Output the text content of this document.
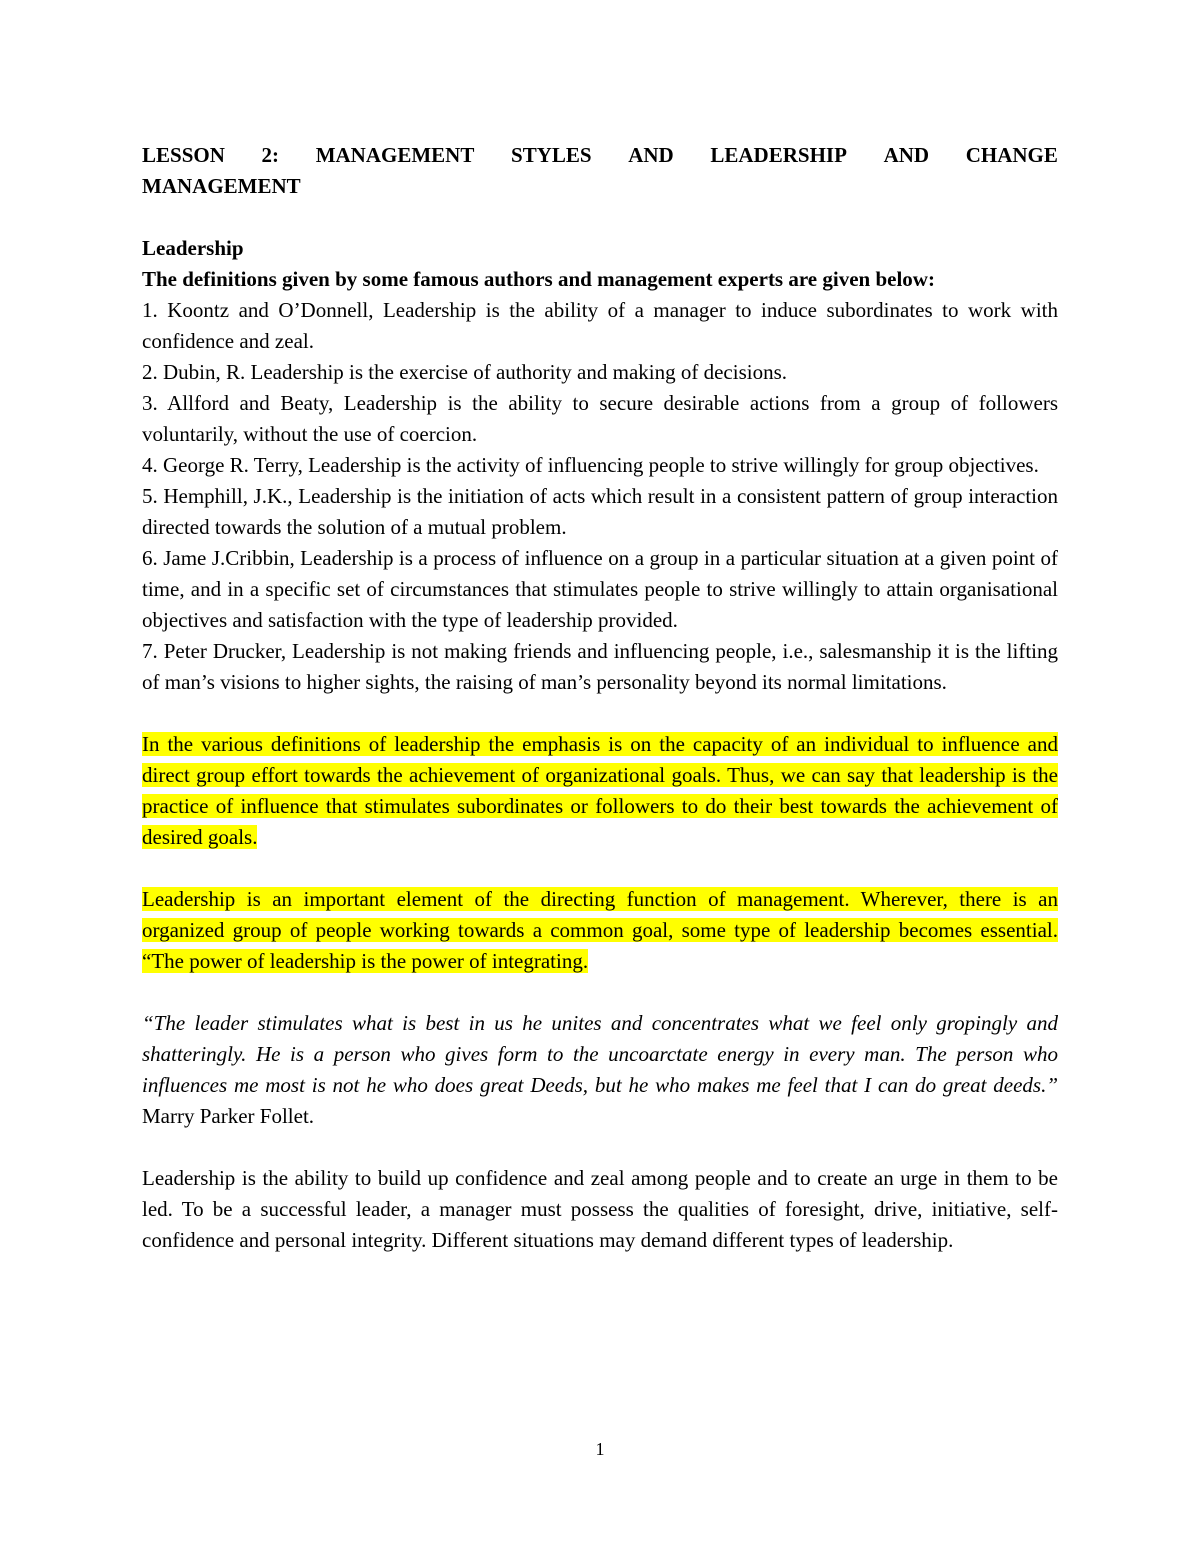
LESSON 2: MANAGEMENT STYLES AND LEADERSHIP AND CHANGE

MANAGEMENT

Leadership

The definitions given by some famous authors and management experts are given below:

1. Koontz and O’Donnell, Leadership is the ability of a manager to induce subordinates to work with confidence and zeal.

2. Dubin, R. Leadership is the exercise of authority and making of decisions.

3. Allford and Beaty, Leadership is the ability to secure desirable actions from a group of followers voluntarily, without the use of coercion.

4. George R. Terry, Leadership is the activity of influencing people to strive willingly for group objectives.

5. Hemphill, J.K., Leadership is the initiation of acts which result in a consistent pattern of group interaction directed towards the solution of a mutual problem.

6. Jame J.Cribbin, Leadership is a process of influence on a group in a particular situation at a given point of time, and in a specific set of circumstances that stimulates people to strive willingly to attain organisational objectives and satisfaction with the type of leadership provided.

7. Peter Drucker, Leadership is not making friends and influencing people, i.e., salesmanship it is the lifting of man’s visions to higher sights, the raising of man’s personality beyond its normal limitations.

In the various definitions of leadership the emphasis is on the capacity of an individual to influence and direct group effort towards the achievement of organizational goals. Thus, we can say that leadership is the practice of influence that stimulates subordinates or followers to do their best towards the achievement of desired goals.

Leadership is an important element of the directing function of management. Wherever, there is an organized group of people working towards a common goal, some type of leadership becomes essential. “The power of leadership is the power of integrating.

“The leader stimulates what is best in us he unites and concentrates what we feel only gropingly and shatteringly. He is a person who gives form to the uncoarctate energy in every man. The person who influences me most is not he who does great Deeds, but he who makes me feel that I can do great deeds.” Marry Parker Follet.

Leadership is the ability to build up confidence and zeal among people and to create an urge in them to be led. To be a successful leader, a manager must possess the qualities of foresight, drive, initiative, self-confidence and personal integrity. Different situations may demand different types of leadership.

1
